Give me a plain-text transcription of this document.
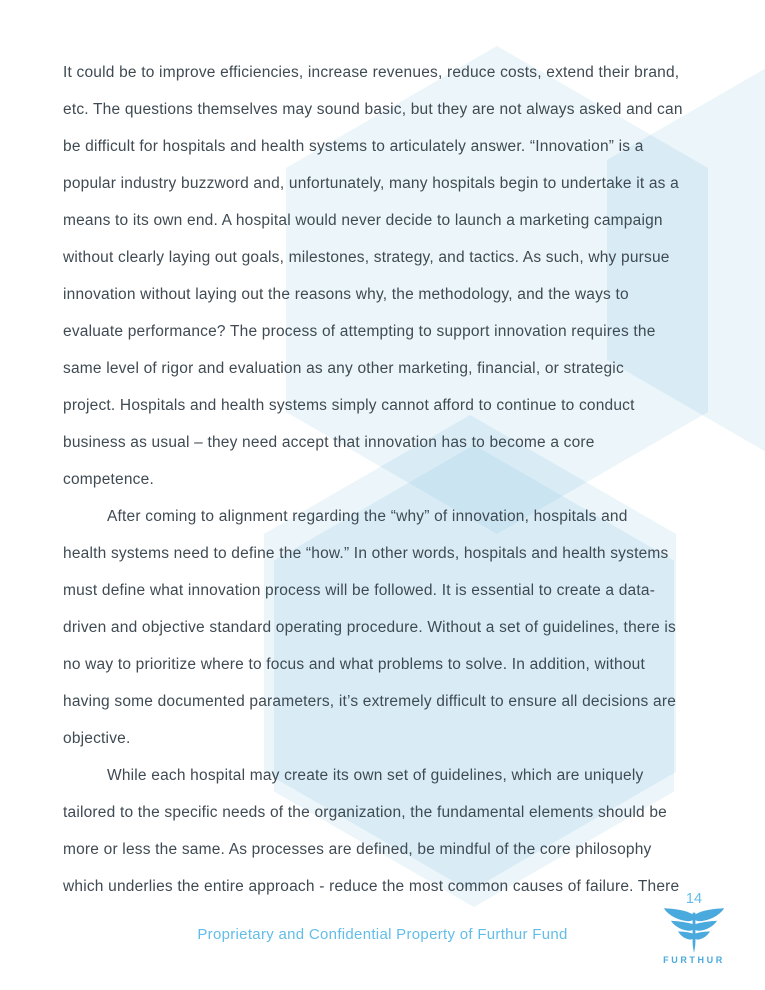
It could be to improve efficiencies, increase revenues, reduce costs, extend their brand,
etc. The questions themselves may sound basic, but they are not always asked and can
be difficult for hospitals and health systems to articulately answer. “Innovation” is a
popular industry buzzword and, unfortunately, many hospitals begin to undertake it as a
means to its own end. A hospital would never decide to launch a marketing campaign
without clearly laying out goals, milestones, strategy, and tactics. As such, why pursue
innovation without laying out the reasons why, the methodology, and the ways to
evaluate performance? The process of attempting to support innovation requires the
same level of rigor and evaluation as any other marketing, financial, or strategic
project. Hospitals and health systems simply cannot afford to continue to conduct
business as usual – they need accept that innovation has to become a core
competence.
After coming to alignment regarding the “why” of innovation, hospitals and
health systems need to define the “how.” In other words, hospitals and health systems
must define what innovation process will be followed. It is essential to create a data-
driven and objective standard operating procedure. Without a set of guidelines, there is
no way to prioritize where to focus and what problems to solve. In addition, without
having some documented parameters, it’s extremely difficult to ensure all decisions are
objective.
While each hospital may create its own set of guidelines, which are uniquely
tailored to the specific needs of the organization, the fundamental elements should be
more or less the same. As processes are defined, be mindful of the core philosophy
which underlies the entire approach - reduce the most common causes of failure. There
Proprietary and Confidential Property of Furthur Fund
14
FURTHUR
